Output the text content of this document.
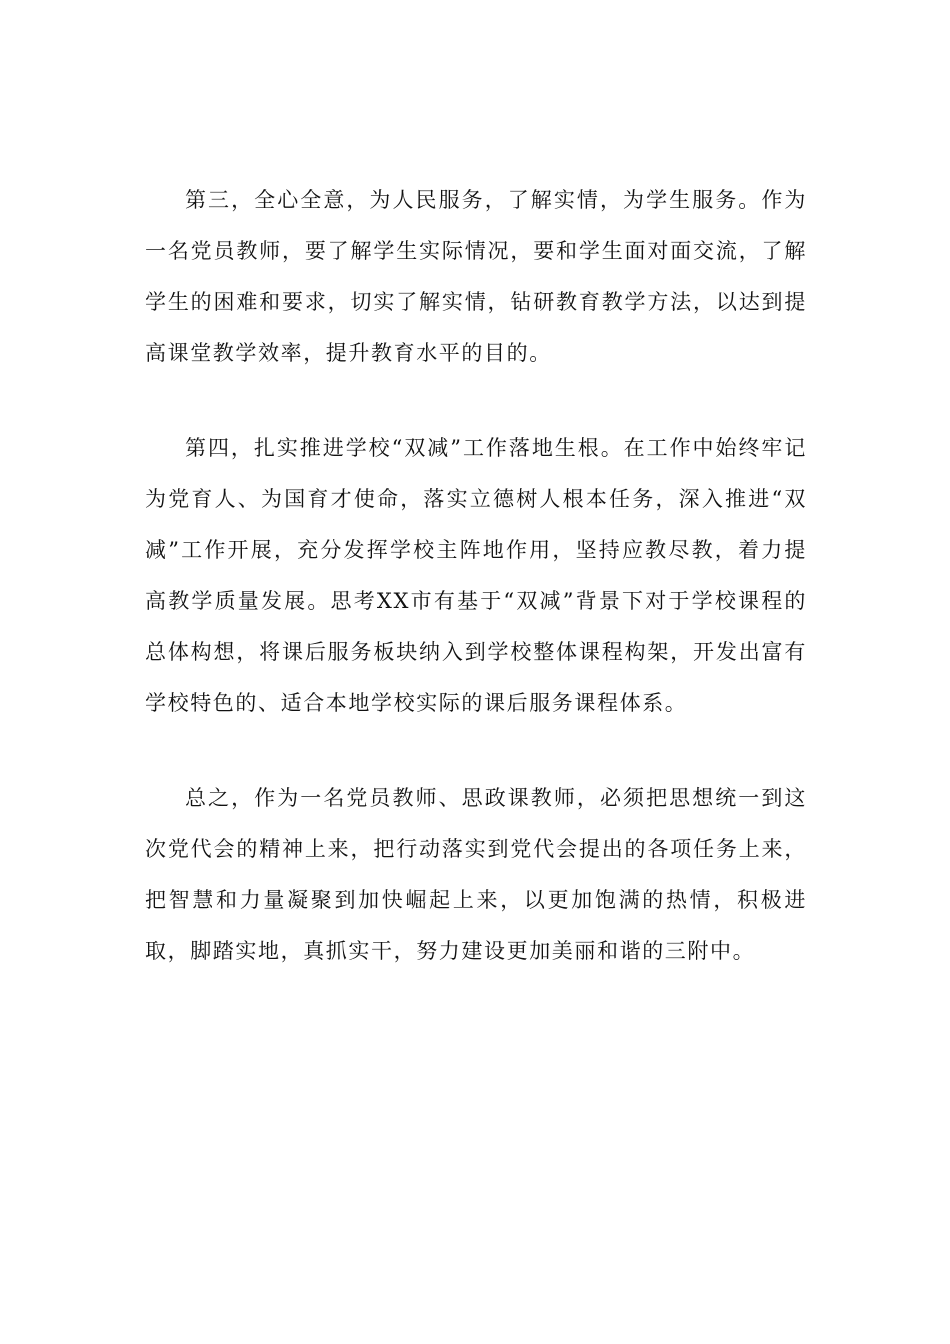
第三，全心全意，为人民服务，了解实情，为学生服务。作为一名党员教师，要了解学生实际情况，要和学生面对面交流，了解学生的困难和要求，切实了解实情，钻研教育教学方法，以达到提高课堂教学效率，提升教育水平的目的。

第四，扎实推进学校“双减”工作落地生根。在工作中始终牢记为党育人、为国育才使命，落实立德树人根本任务，深入推进“双减”工作开展，充分发挥学校主阵地作用，坚持应教尽教，着力提高教学质量发展。思考XX市有基于“双减”背景下对于学校课程的总体构想，将课后服务板块纳入到学校整体课程构架，开发出富有学校特色的、适合本地学校实际的课后服务课程体系。

总之，作为一名党员教师、思政课教师，必须把思想统一到这次党代会的精神上来，把行动落实到党代会提出的各项任务上来，把智慧和力量凝聚到加快崛起上来，以更加饱满的热情，积极进取，脚踏实地，真抓实干，努力建设更加美丽和谐的三附中。
